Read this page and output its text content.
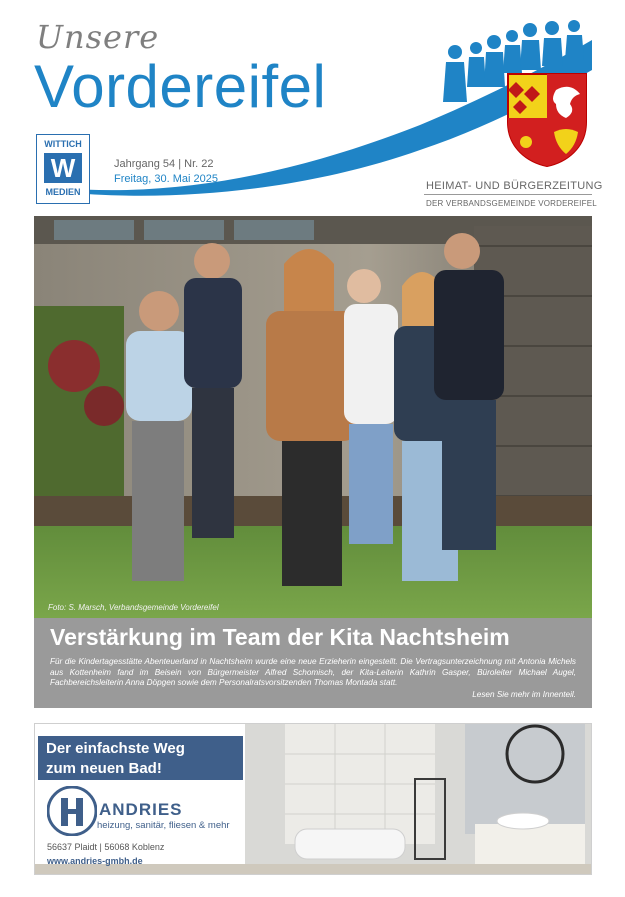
Unsere
Vordereifel
WITTICH
W
MEDIEN
Jahrgang 54 | Nr. 22
Freitag, 30. Mai 2025
HEIMAT- UND BÜRGERZEITUNG
DER VERBANDSGEMEINDE VORDEREIFEL
Foto: S. Marsch, Verbandsgemeinde Vordereifel
Verstärkung im Team der Kita Nachtsheim
Für die Kindertagesstätte Abenteuerland in Nachtsheim wurde eine neue Erzieherin eingestellt. Die Vertragsunterzeichnung mit Antonia Michels aus Kottenheim fand im Beisein von Bürgermeister Alfred Schomisch, der Kita-Leiterin Kathrin Gasper, Büroleiter Michael Augel, Fachbereichsleiterin Anna Döpgen sowie dem Personalratsvorsitzenden Thomas Montada statt.
Lesen Sie mehr im Innenteil.
Der einfachste Weg
zum neuen Bad!
ANDRIES
heizung, sanitär, fliesen & mehr
56637 Plaidt | 56068 Koblenz
www.andries-gmbh.de
